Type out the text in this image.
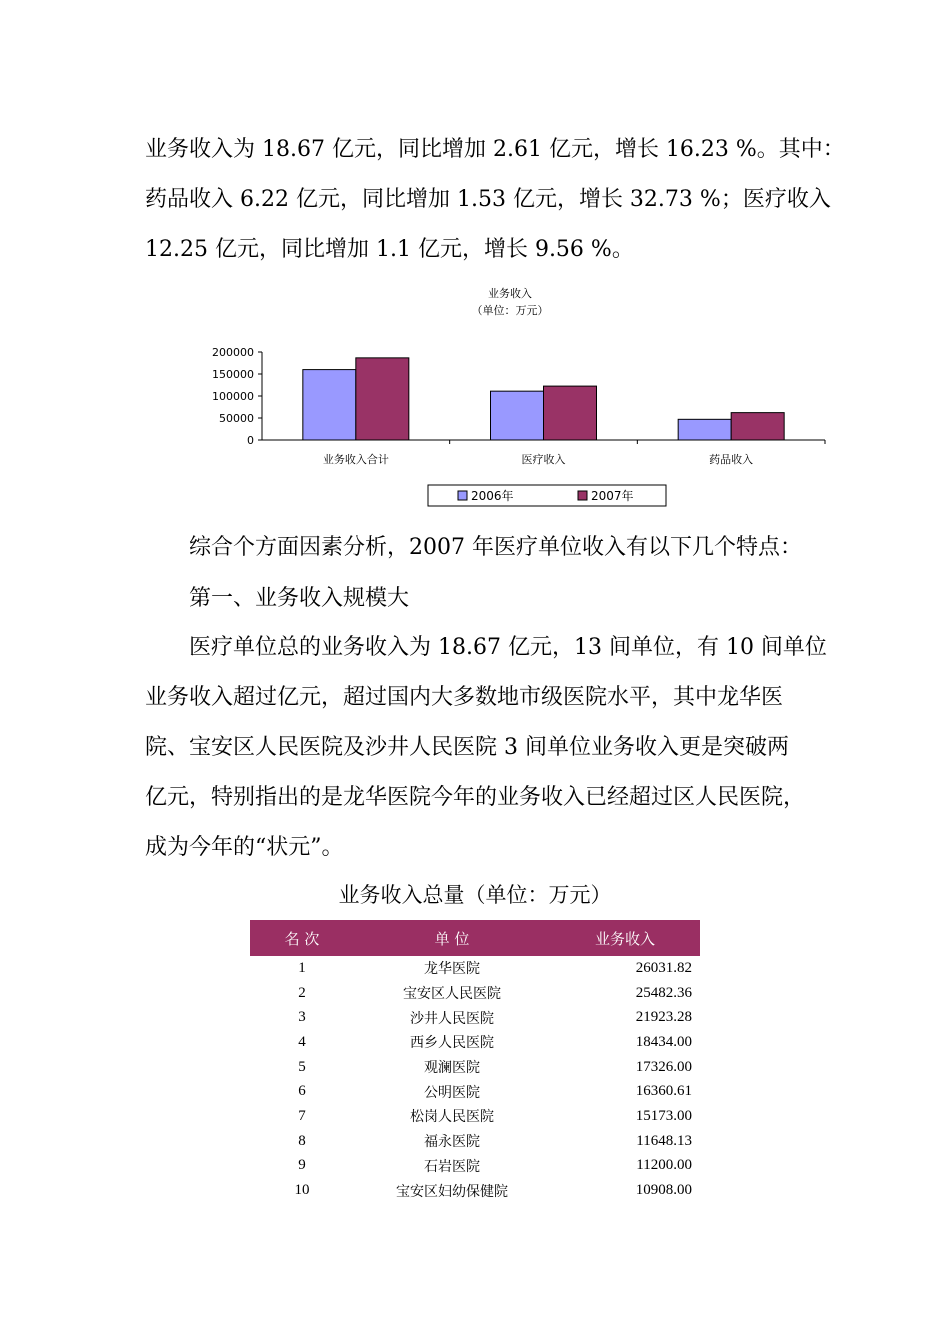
业务收入为 18.67 亿元，同比增加 2.61 亿元，增长 16.23 %。其中：
药品收入 6.22 亿元，同比增加 1.53 亿元，增长 32.73 %；医疗收入
12.25 亿元，同比增加 1.1 亿元，增长 9.56 %。
业务收入
（单位：万元）
0
50000
100000
150000
200000
业务收入合计	医疗收入	药品收入
2006年	2007年

综合个方面因素分析，2007 年医疗单位收入有以下几个特点：

第一、业务收入规模大

医疗单位总的业务收入为 18.67 亿元，13 间单位，有 10 间单位
业务收入超过亿元，超过国内大多数地市级医院水平，其中龙华医
院、宝安区人民医院及沙井人民医院 3 间单位业务收入更是突破两
亿元，特别指出的是龙华医院今年的业务收入已经超过区人民医院，
成为今年的“状元”。
业务收入总量（单位：万元）
名 次	单 位	业务收入
1	龙华医院	26031.82
2	宝安区人民医院	25482.36
3	沙井人民医院	21923.28
4	西乡人民医院	18434.00
5	观澜医院	17326.00
6	公明医院	16360.61
7	松岗人民医院	15173.00
8	福永医院	11648.13
9	石岩医院	11200.00
10	宝安区妇幼保健院	10908.00
